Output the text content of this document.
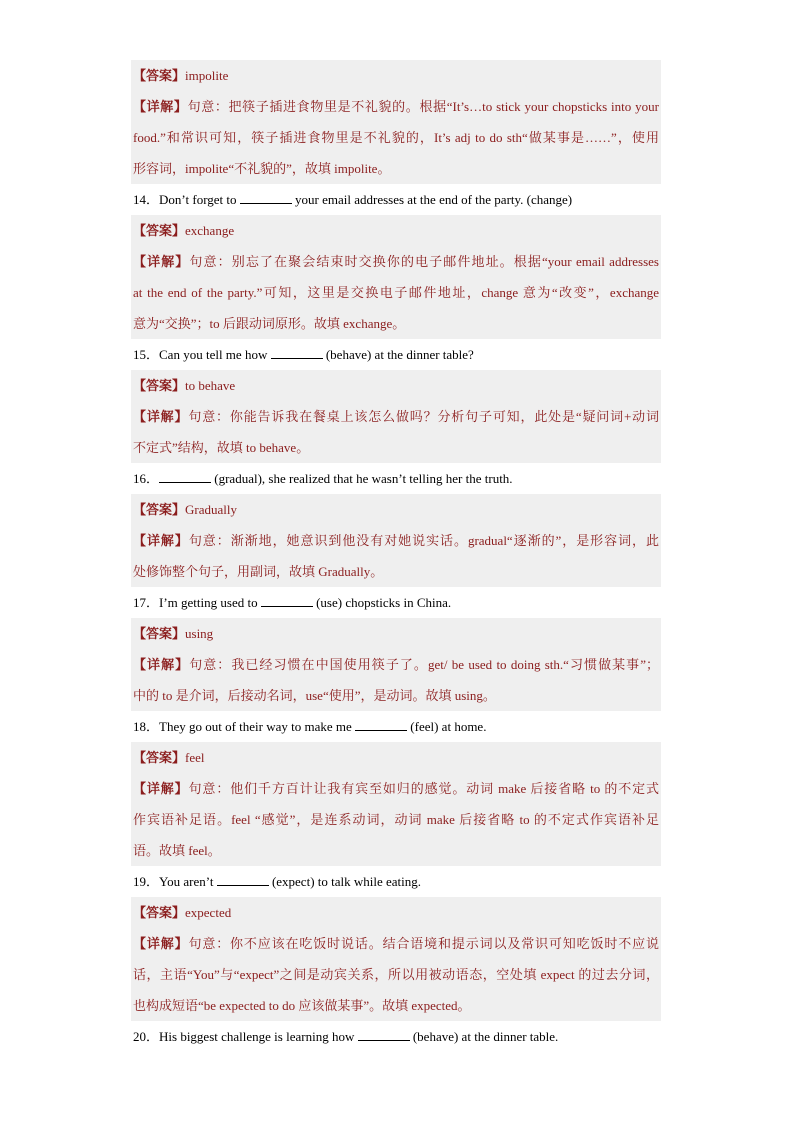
【答案】impolite
【详解】句意：把筷子插进食物里是不礼貌的。根据“It’s…to stick your chopsticks into your
food.”和常识可知，筷子插进食物里是不礼貌的，It’s adj to do sth“做某事是……”，使用
形容词，impolite“不礼貌的”，故填 impolite。
14．Don’t forget to	your email addresses at the end of the party. (change)
【答案】exchange
【详解】句意：别忘了在聚会结束时交换你的电子邮件地址。根据“your email addresses
at the end of the party.”可知，这里是交换电子邮件地址，change 意为“改变”，exchange
意为“交换”；to 后跟动词原形。故填 exchange。
15．Can you tell me how	(behave) at the dinner table?
【答案】to behave
【详解】句意：你能告诉我在餐桌上该怎么做吗？分析句子可知，此处是“疑问词+动词
不定式”结构，故填 to behave。
16．	(gradual), she realized that he wasn’t telling her the truth.
【答案】Gradually
【详解】句意：渐渐地，她意识到他没有对她说实话。gradual“逐渐的”，是形容词，此
处修饰整个句子，用副词，故填 Gradually。
17．I’m getting used to	(use) chopsticks in China.
【答案】using
【详解】句意：我已经习惯在中国使用筷子了。get/ be used to doing sth.“习惯做某事”；
中的 to 是介词，后接动名词，use“使用”，是动词。故填 using。
18．They go out of their way to make me	(feel) at home.
【答案】feel
【详解】句意：他们千方百计让我有宾至如归的感觉。动词 make 后接省略 to 的不定式
作宾语补足语。feel “感觉”，是连系动词，动词 make 后接省略 to 的不定式作宾语补足
语。故填 feel。
19．You aren’t	(expect) to talk while eating.
【答案】expected
【详解】句意：你不应该在吃饭时说话。结合语境和提示词以及常识可知吃饭时不应说
话，主语“You”与“expect”之间是动宾关系，所以用被动语态，空处填 expect 的过去分词，
也构成短语“be expected to do 应该做某事”。故填 expected。
20．His biggest challenge is learning how	(behave) at the dinner table.
